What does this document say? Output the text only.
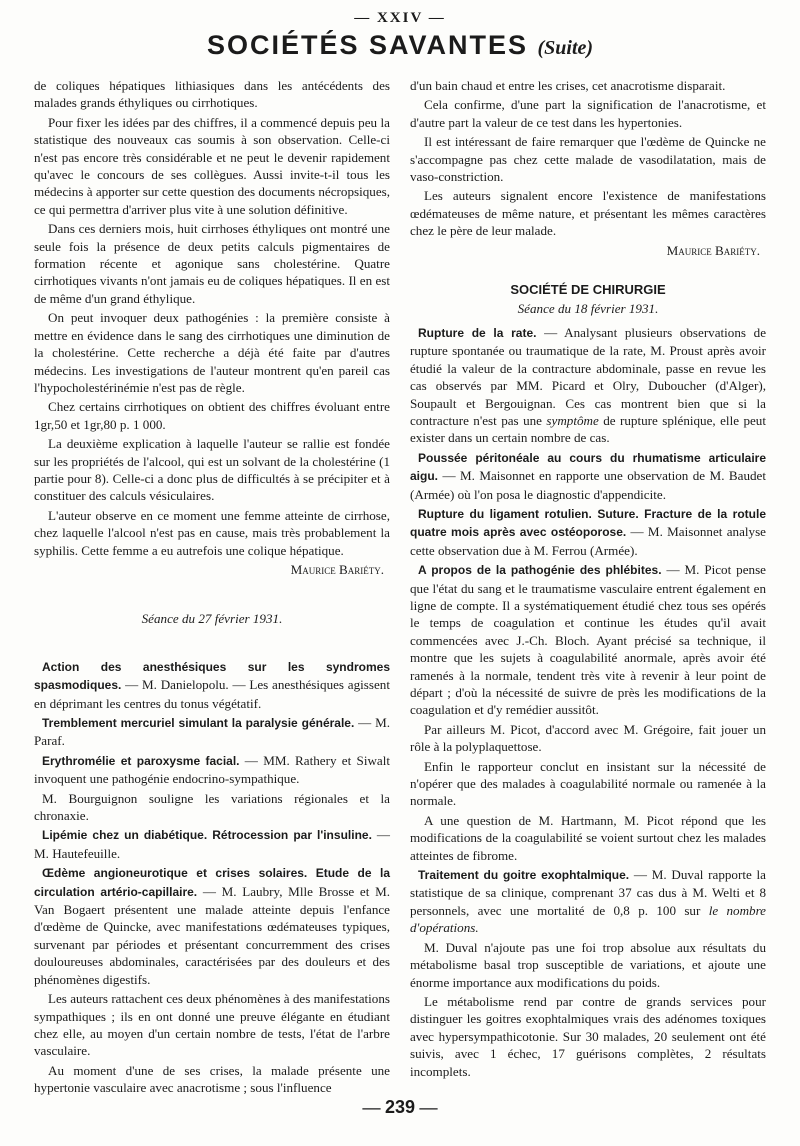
— XXIV —
SOCIÉTÉS SAVANTES (Suite)

de coliques hépatiques lithiasiques dans les antécédents des malades grands éthyliques ou cirrhotiques.

Pour fixer les idées par des chiffres, il a commencé depuis peu la statistique des nouveaux cas soumis à son observation. Celle-ci n'est pas encore très considérable et ne peut le devenir rapidement qu'avec le concours de ses collègues. Aussi invite-t-il tous les médecins à apporter sur cette question des documents nécropsiques, ce qui permettra d'arriver plus vite à une solution définitive.

Dans ces derniers mois, huit cirrhoses éthyliques ont montré une seule fois la présence de deux petits calculs pigmentaires de formation récente et agonique sans cholestérine. Quatre cirrhotiques vivants n'ont jamais eu de coliques hépatiques. Il en est de même d'un grand éthylique.

On peut invoquer deux pathogénies : la première consiste à mettre en évidence dans le sang des cirrhotiques une diminution de la cholestérine. Cette recherche a déjà été faite par d'autres médecins. Les investigations de l'auteur montrent qu'en pareil cas l'hypocholestérinémie n'est pas de règle.

Chez certains cirrhotiques on obtient des chiffres évoluant entre 1gr,50 et 1gr,80 p. 1 000.

La deuxième explication à laquelle l'auteur se rallie est fondée sur les propriétés de l'alcool, qui est un solvant de la cholestérine (1 partie pour 8). Celle-ci a donc plus de difficultés à se précipiter et à constituer des calculs vésiculaires.

L'auteur observe en ce moment une femme atteinte de cirrhose, chez laquelle l'alcool n'est pas en cause, mais très probablement la syphilis. Cette femme a eu autrefois une colique hépatique.

Maurice Bariéty.
Séance du 27 février 1931.

Action des anesthésiques sur les syndromes spasmodiques. — M. Danielopolu. — Les anesthésiques agissent en déprimant les centres du tonus végétatif.

Tremblement mercuriel simulant la paralysie générale. — M. Paraf.

Erythromélie et paroxysme facial. — MM. Rathery et Siwalt invoquent une pathogénie endocrino-sympathique.

M. Bourguignon souligne les variations régionales et la chronaxie.

Lipémie chez un diabétique. Rétrocession par l'insuline. — M. Hautefeuille.

Œdème angioneurotique et crises solaires. Etude de la circulation artério-capillaire. — M. Laubry, Mlle Brosse et M. Van Bogaert présentent une malade atteinte depuis l'enfance d'œdème de Quincke, avec manifestations œdémateuses typiques, survenant par périodes et présentant concurremment des crises douloureuses abdominales, caractérisées par des douleurs et des phénomènes digestifs.

Les auteurs rattachent ces deux phénomènes à des manifestations sympathiques ; ils en ont donné une preuve élégante en étudiant chez elle, au moyen d'un certain nombre de tests, l'état de l'arbre vasculaire.

Au moment d'une de ses crises, la malade présente une hypertonie vasculaire avec anacrotisme ; sous l'influence

d'un bain chaud et entre les crises, cet anacrotisme disparait.

Cela confirme, d'une part la signification de l'anacrotisme, et d'autre part la valeur de ce test dans les hypertonies.

Il est intéressant de faire remarquer que l'œdème de Quincke ne s'accompagne pas chez cette malade de vasodilatation, mais de vaso-constriction.

Les auteurs signalent encore l'existence de manifestations œdémateuses de même nature, et présentant les mêmes caractères chez le père de leur malade.

Maurice Bariéty.
SOCIÉTÉ DE CHIRURGIE
Séance du 18 février 1931.

Rupture de la rate. — Analysant plusieurs observations de rupture spontanée ou traumatique de la rate, M. Proust après avoir étudié la valeur de la contracture abdominale, passe en revue les cas observés par MM. Picard et Olry, Duboucher (d'Alger), Soupault et Bergouignan. Ces cas montrent bien que si la contracture n'est pas une symptôme de rupture splénique, elle peut exister dans un certain nombre de cas.

Poussée péritonéale au cours du rhumatisme articulaire aigu. — M. Maisonnet en rapporte une observation de M. Baudet (Armée) où l'on posa le diagnostic d'appendicite.

Rupture du ligament rotulien. Suture. Fracture de la rotule quatre mois après avec ostéoporose. — M. Maisonnet analyse cette observation due à M. Ferrou (Armée).

A propos de la pathogénie des phlébites. — M. Picot pense que l'état du sang et le traumatisme vasculaire entrent également en ligne de compte. Il a systématiquement étudié chez tous ses opérés le temps de coagulation et continue les études qu'il avait commencées avec J.-Ch. Bloch. Ayant précisé sa technique, il montre que les sujets à coagulabilité anormale, après avoir été ramenés à la normale, tendent très vite à revenir à leur point de départ ; d'où la nécessité de suivre de près les modifications de la coagulation et d'y remédier aussitôt.

Par ailleurs M. Picot, d'accord avec M. Grégoire, fait jouer un rôle à la polyplaquettose.

Enfin le rapporteur conclut en insistant sur la nécessité de n'opérer que des malades à coagulabilité normale ou ramenée à la normale.

A une question de M. Hartmann, M. Picot répond que les modifications de la coagulabilité se voient surtout chez les malades atteintes de fibrome.

Traitement du goitre exophtalmique. — M. Duval rapporte la statistique de sa clinique, comprenant 37 cas dus à M. Welti et 8 personnels, avec une mortalité de 0,8 p. 100 sur le nombre d'opérations.

M. Duval n'ajoute pas une foi trop absolue aux résultats du métabolisme basal trop susceptible de variations, et ajoute une énorme importance aux modifications du poids.

Le métabolisme rend par contre de grands services pour distinguer les goitres exophtalmiques vrais des adénomes toxiques avec hypersympathicotonie. Sur 30 malades, 20 seulement ont été suivis, avec 1 échec, 17 guérisons complètes, 2 résultats incomplets.

— 239 —
